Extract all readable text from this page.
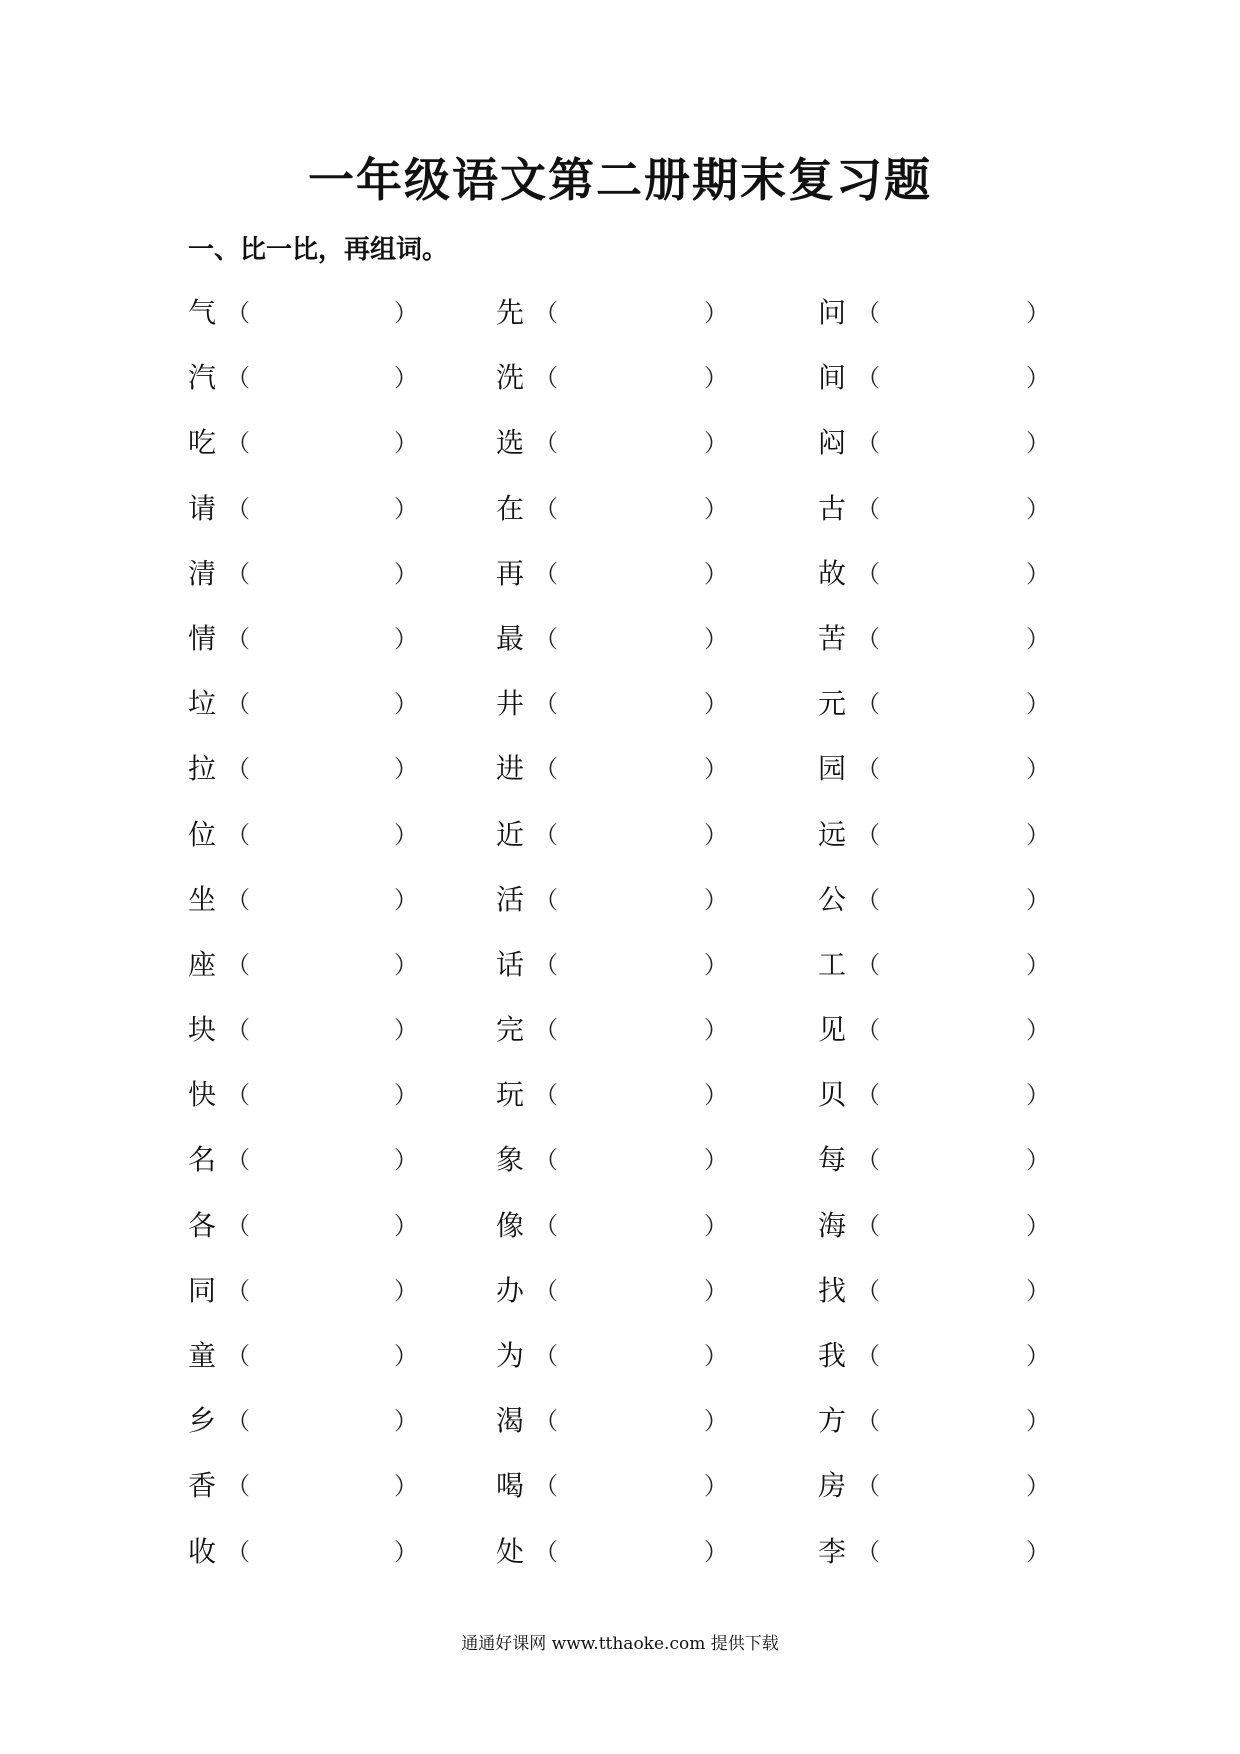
一年级语文第二册期末复习题
一、比一比，再组词。
气 （	）	先 （	）	问 （	）
汽 （	）	洗 （	）	间 （	）
吃 （	）	选 （	）	闷 （	）
请 （	）	在 （	）	古 （	）
清 （	）	再 （	）	故 （	）
情 （	）	最 （	）	苦 （	）
垃 （	）	井 （	）	元 （	）
拉 （	）	进 （	）	园 （	）
位 （	）	近 （	）	远 （	）
坐 （	）	活 （	）	公 （	）
座 （	）	话 （	）	工 （	）
块 （	）	完 （	）	见 （	）
快 （	）	玩 （	）	贝 （	）
名 （	）	象 （	）	每 （	）
各 （	）	像 （	）	海 （	）
同 （	）	办 （	）	找 （	）
童 （	）	为 （	）	我 （	）
乡 （	）	渴 （	）	方 （	）
香 （	）	喝 （	）	房 （	）
收 （	）	处 （	）	李 （	）
通通好课网 www.tthaoke.com 提供下载
